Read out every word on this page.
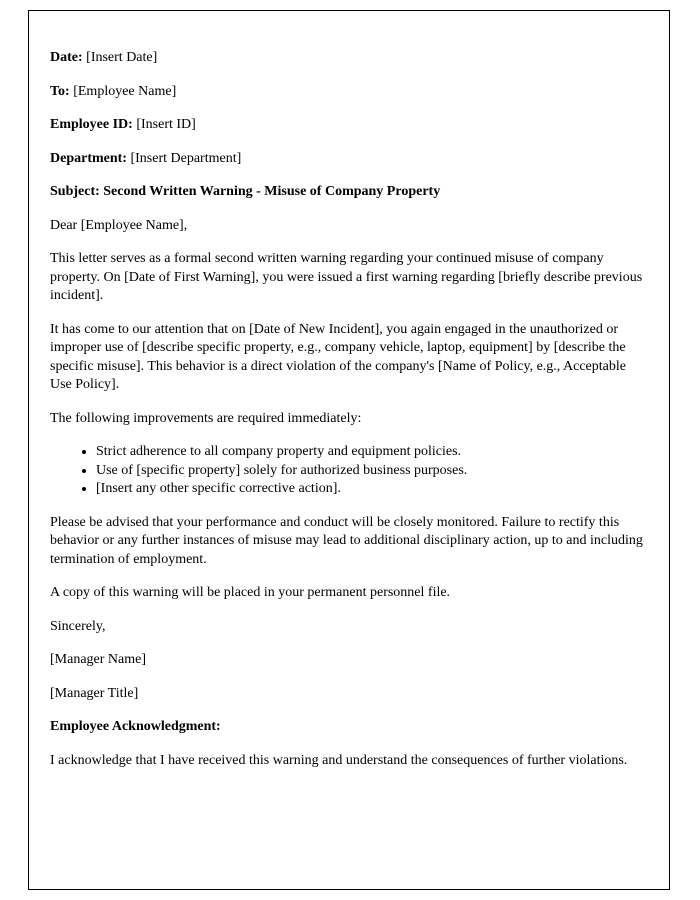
Date: [Insert Date]

To: [Employee Name]

Employee ID: [Insert ID]

Department: [Insert Department]

Subject: Second Written Warning - Misuse of Company Property

Dear [Employee Name],

This letter serves as a formal second written warning regarding your continued misuse of company property. On [Date of First Warning], you were issued a first warning regarding [briefly describe previous incident].

It has come to our attention that on [Date of New Incident], you again engaged in the unauthorized or improper use of [describe specific property, e.g., company vehicle, laptop, equipment] by [describe the specific misuse]. This behavior is a direct violation of the company's [Name of Policy, e.g., Acceptable Use Policy].

The following improvements are required immediately:

• Strict adherence to all company property and equipment policies.
• Use of [specific property] solely for authorized business purposes.
• [Insert any other specific corrective action].

Please be advised that your performance and conduct will be closely monitored. Failure to rectify this behavior or any further instances of misuse may lead to additional disciplinary action, up to and including termination of employment.

A copy of this warning will be placed in your permanent personnel file.

Sincerely,

[Manager Name]

[Manager Title]

Employee Acknowledgment:

I acknowledge that I have received this warning and understand the consequences of further violations.
